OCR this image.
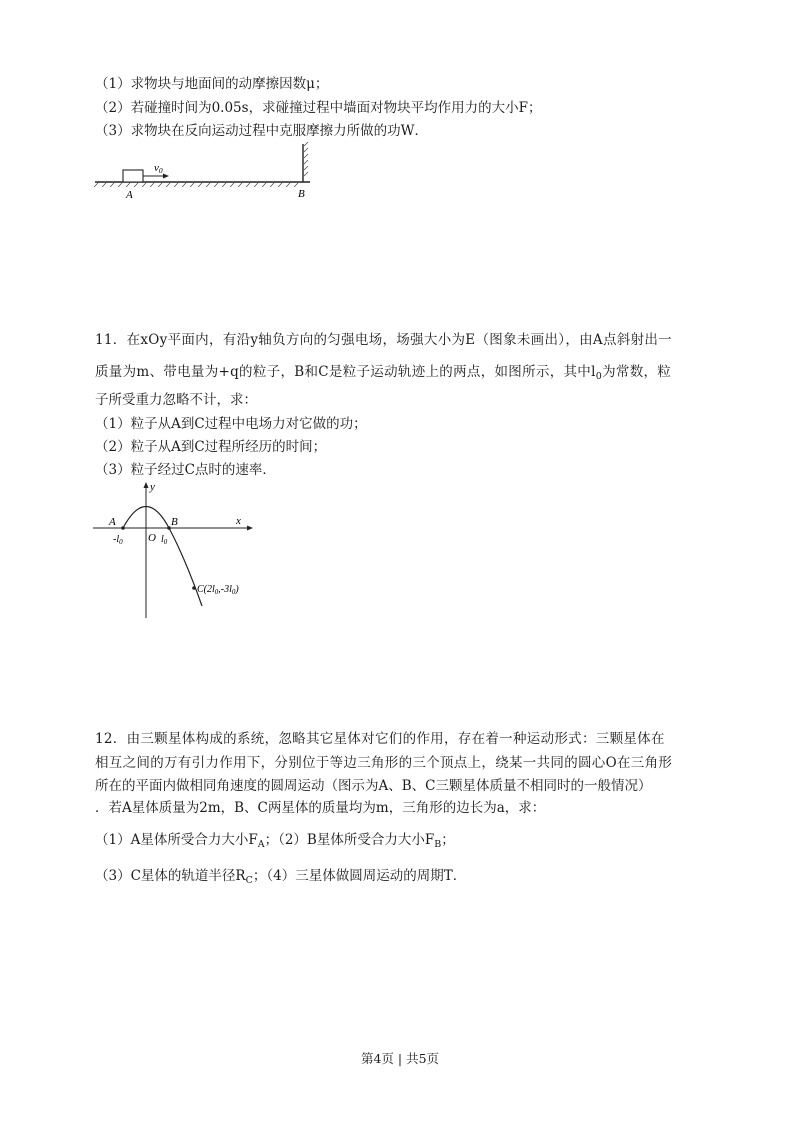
（1）求物块与地面间的动摩擦因数μ；
（2）若碰撞时间为0.05s，求碰撞过程中墙面对物块平均作用力的大小F；
（3）求物块在反向运动过程中克服摩擦力所做的功W．
v0
A	B
11．在xOy平面内，有沿y轴负方向的匀强电场，场强大小为E（图象未画出），由A点斜射出一
质量为m、带电量为+q的粒子，B和C是粒子运动轨迹上的两点，如图所示，其中$l_0$为常数，粒
子所受重力忽略不计，求：
（1）粒子从A到C过程中电场力对它做的功；
（2）粒子从A到C过程所经历的时间；
（3）粒子经过C点时的速率．
y
x
A	B
O
$-l_0$	$l_0$
$C(2l_0,-3l_0)$
12．由三颗星体构成的系统，忽略其它星体对它们的作用，存在着一种运动形式：三颗星体在
相互之间的万有引力作用下，分别位于等边三角形的三个顶点上，绕某一共同的圆心O在三角形
所在的平面内做相同角速度的圆周运动（图示为A、B、C三颗星体质量不相同时的一般情况）
．若A星体质量为2m，B、C两星体的质量均为m，三角形的边长为a，求：
（1）A星体所受合力大小$F_A$；（2）B星体所受合力大小$F_B$；
（3）C星体的轨道半径$R_C$；（4）三星体做圆周运动的周期T．
第4页 | 共5页
